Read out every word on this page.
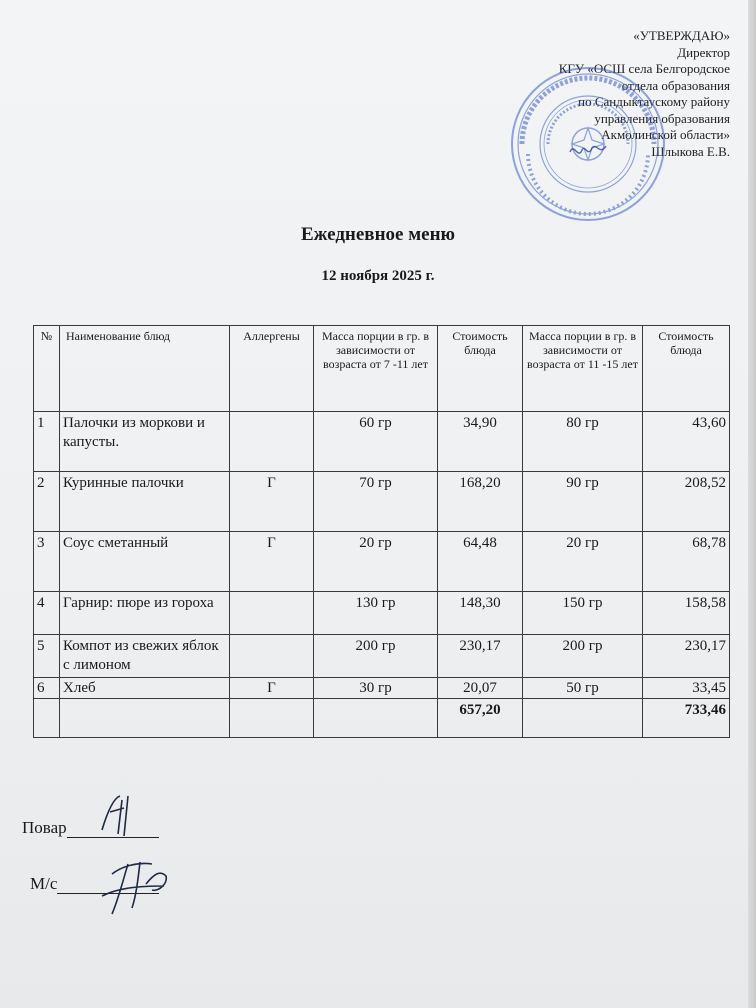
«УТВЕРЖДАЮ»
Директор
КГУ «ОСШ села Белгородское
отдела образования
по Сандыктаускому району
управления образования
Акмолинской области»
Шлыкова Е.В.
Ежедневное меню
12 ноября 2025 г.
№	Наименование блюд	Аллергены	Масса порции в гр. в зависимости от возраста от 7 -11 лет	Стоимость блюда	Масса порции в гр. в зависимости от возраста от 11 -15 лет	Стоимость блюда
1	Палочки из моркови и капусты.		60 гр	34,90	80 гр	43,60
2	Куринные палочки	Г	70 гр	168,20	90 гр	208,52
3	Соус сметанный	Г	20 гр	64,48	20 гр	68,78
4	Гарнир: пюре из гороха		130 гр	148,30	150 гр	158,58
5	Компот из свежих яблок с лимоном		200 гр	230,17	200 гр	230,17
6	Хлеб	Г	30 гр	20,07	50 гр	33,45
				657,20		733,46
Повар
М/с
